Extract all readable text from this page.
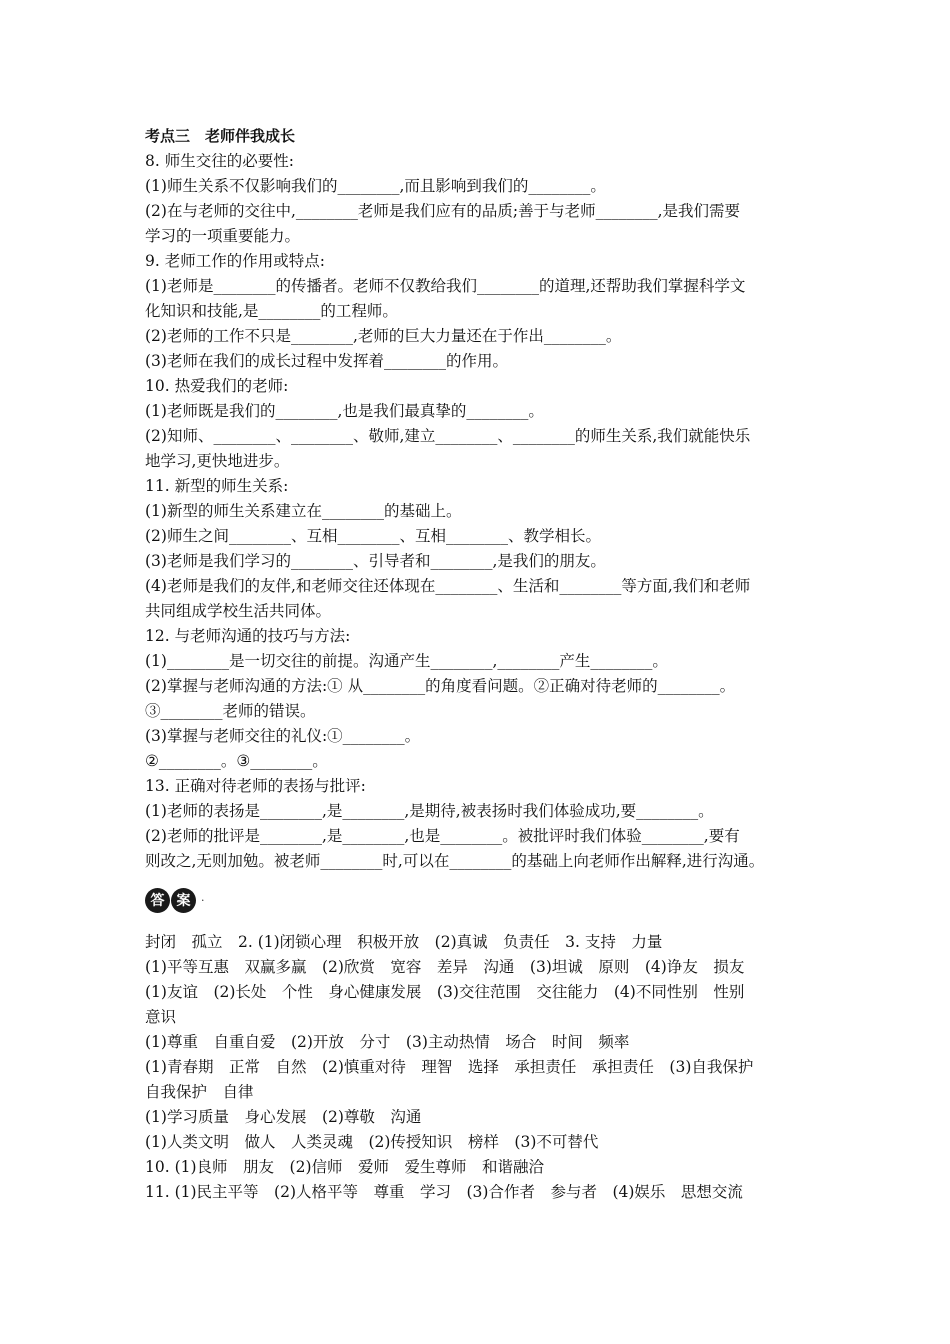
考点三　老师伴我成长
8. 师生交往的必要性:
(1)师生关系不仅影响我们的________,而且影响到我们的________。
(2)在与老师的交往中,________老师是我们应有的品质;善于与老师________,是我们需要
学习的一项重要能力。
9. 老师工作的作用或特点:
(1)老师是________的传播者。老师不仅教给我们________的道理,还帮助我们掌握科学文
化知识和技能,是________的工程师。
(2)老师的工作不只是________,老师的巨大力量还在于作出________。
(3)老师在我们的成长过程中发挥着________的作用。
10. 热爱我们的老师:
(1)老师既是我们的________,也是我们最真挚的________。
(2)知师、________、________、敬师,建立________、________的师生关系,我们就能快乐
地学习,更快地进步。
11. 新型的师生关系:
(1)新型的师生关系建立在________的基础上。
(2)师生之间________、互相________、互相________、教学相长。
(3)老师是我们学习的________、引导者和________,是我们的朋友。
(4)老师是我们的友伴,和老师交往还体现在________、生活和________等方面,我们和老师
共同组成学校生活共同体。
12. 与老师沟通的技巧与方法:
(1)________是一切交往的前提。沟通产生________,________产生________。
(2)掌握与老师沟通的方法:① 从________的角度看问题。②正确对待老师的________。
③________老师的错误。
(3)掌握与老师交往的礼仪:①________。
②________。③________。
13. 正确对待老师的表扬与批评:
(1)老师的表扬是________,是________,是期待,被表扬时我们体验成功,要________。
(2)老师的批评是________,是________,也是________。被批评时我们体验________,要有
则改之,无则加勉。被老师________时,可以在________的基础上向老师作出解释,进行沟通。
答 案 ·
封闭　孤立　2. (1)闭锁心理　积极开放　(2)真诚　负责任　3. 支持　力量
(1)平等互惠　双赢多赢　(2)欣赏　宽容　差异　沟通　(3)坦诚　原则　(4)诤友　损友
(1)友谊　(2)长处　个性　身心健康发展　(3)交往范围　交往能力　(4)不同性别　性别
意识
(1)尊重　自重自爱　(2)开放　分寸　(3)主动热情　场合　时间　频率
(1)青春期　正常　自然　(2)慎重对待　理智　选择　承担责任　承担责任　(3)自我保护
自我保护　自律
(1)学习质量　身心发展　(2)尊敬　沟通
(1)人类文明　做人　人类灵魂　(2)传授知识　榜样　(3)不可替代
10. (1)良师　朋友　(2)信师　爱师　爱生尊师　和谐融洽
11. (1)民主平等　(2)人格平等　尊重　学习　(3)合作者　参与者　(4)娱乐　思想交流
